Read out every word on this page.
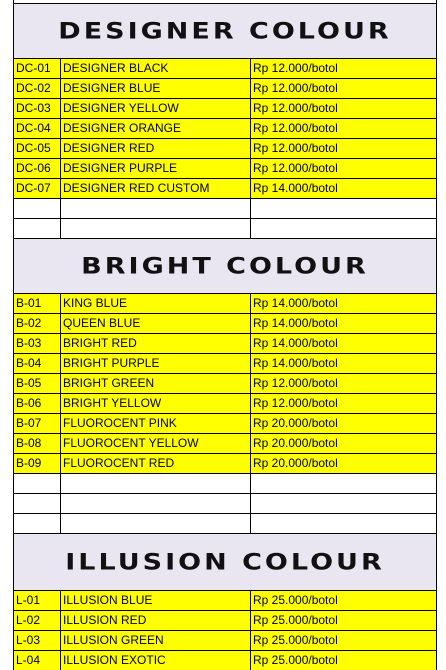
DESIGNER COLOUR
DC-01	DESIGNER BLACK	Rp 12.000/botol
DC-02	DESIGNER BLUE	Rp 12.000/botol
DC-03	DESIGNER YELLOW	Rp 12.000/botol
DC-04	DESIGNER ORANGE	Rp 12.000/botol
DC-05	DESIGNER RED	Rp 12.000/botol
DC-06	DESIGNER PURPLE	Rp 12.000/botol
DC-07	DESIGNER RED CUSTOM	Rp 14.000/botol
BRIGHT COLOUR
B-01	KING BLUE	Rp 14.000/botol
B-02	QUEEN BLUE	Rp 14.000/botol
B-03	BRIGHT RED	Rp 14.000/botol
B-04	BRIGHT PURPLE	Rp 14.000/botol
B-05	BRIGHT GREEN	Rp 12.000/botol
B-06	BRIGHT YELLOW	Rp 12.000/botol
B-07	FLUOROCENT PINK	Rp 20.000/botol
B-08	FLUOROCENT YELLOW	Rp 20.000/botol
B-09	FLUOROCENT RED	Rp 20.000/botol
ILLUSION COLOUR
L-01	ILLUSION BLUE	Rp 25.000/botol
L-02	ILLUSION RED	Rp 25.000/botol
L-03	ILLUSION GREEN	Rp 25.000/botol
L-04	ILLUSION EXOTIC	Rp 25.000/botol
